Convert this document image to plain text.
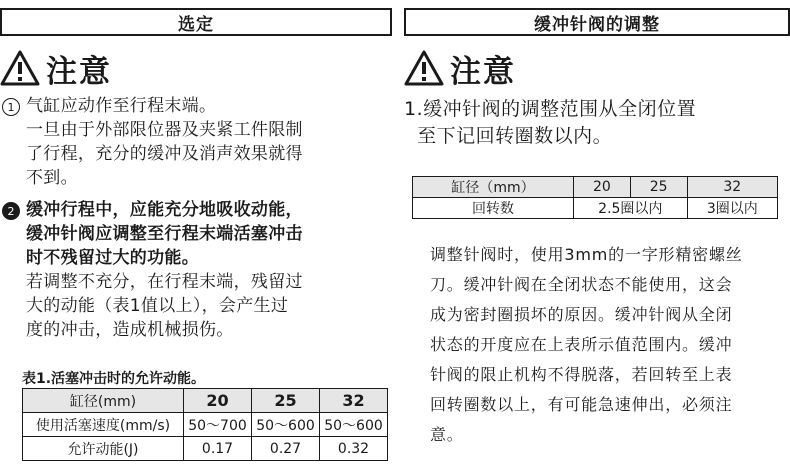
选定
注意
1 气缸应动作至行程末端。

一旦由于外部限位器及夹紧工件限制

了行程，充分的缓冲及消声效果就得

不到。

2 缓冲行程中，应能充分地吸收动能，

缓冲针阀应调整至行程末端活塞冲击

时不残留过大的功能。

若调整不充分，在行程末端，残留过

大的动能（表1值以上），会产生过

度的冲击，造成机械损伤。

表1.活塞冲击时的允许动能。
缸径(mm)	20	25	32
使用活塞速度(mm/s)	50～700	50～600	50～600
允许动能(J)	0.17	0.27	0.32
缓冲针阀的调整
注意
1.缓冲针阀的调整范围从全闭位置
至下记回转圈数以内。
缸径（mm）	20	25	32
回转数	2.5圈以内		3圈以内
调整针阀时，使用3mm的一字形精密螺丝
刀。缓冲针阀在全闭状态不能使用，这会
成为密封圈损坏的原因。缓冲针阀从全闭
状态的开度应在上表所示值范围内。缓冲
针阀的限止机构不得脱落，若回转至上表
回转圈数以上，有可能急速伸出，必须注
意。
